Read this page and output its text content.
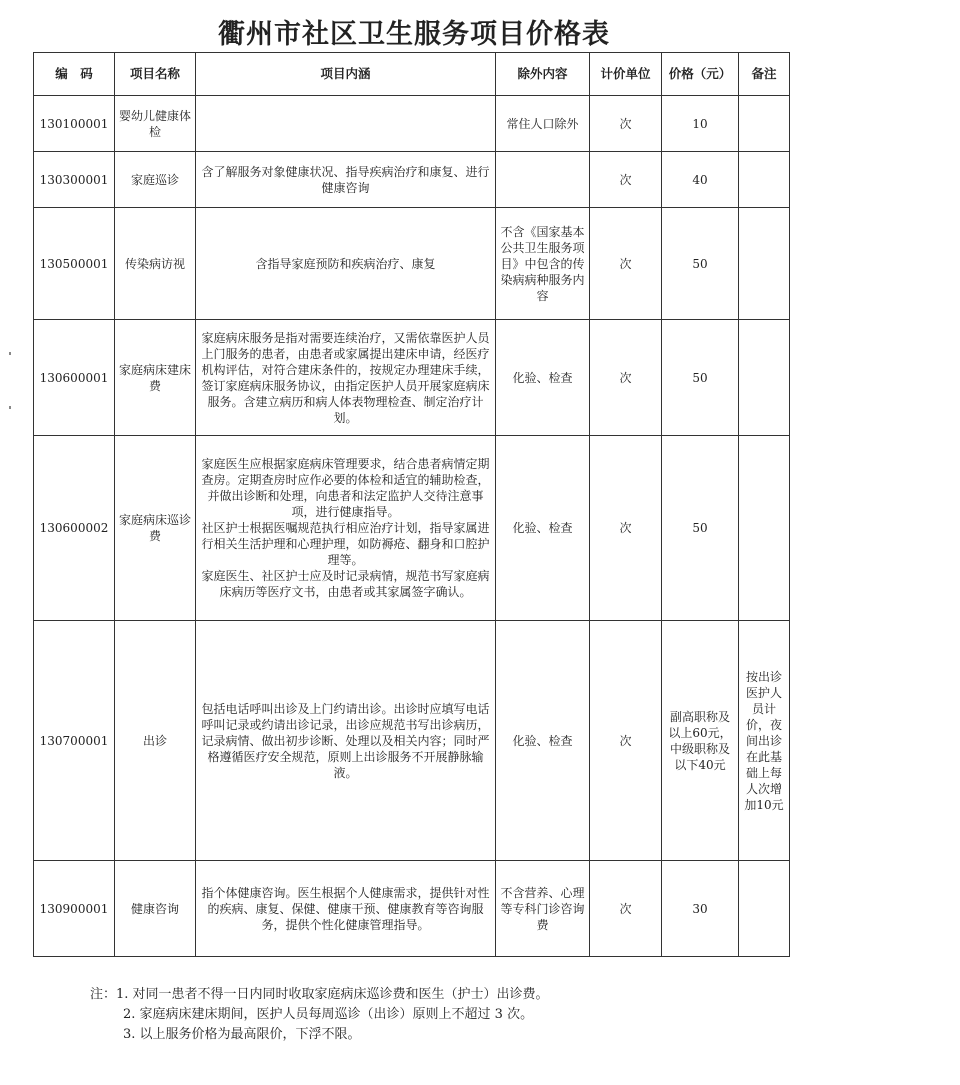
衢州市社区卫生服务项目价格表
编　码	项目名称	项目内涵	除外内容	计价单位	价格（元）	备注
130100001	婴幼儿健康体检		常住人口除外	次	10	
130300001	家庭巡诊	含了解服务对象健康状况、指导疾病治疗和康复、进行健康咨询		次	40	
130500001	传染病访视	含指导家庭预防和疾病治疗、康复	不含《国家基本公共卫生服务项目》中包含的传染病病种服务内容	次	50	
130600001	家庭病床建床费	家庭病床服务是指对需要连续治疗，又需依靠医护人员上门服务的患者，由患者或家属提出建床申请，经医疗机构评估，对符合建床条件的，按规定办理建床手续，签订家庭病床服务协议，由指定医护人员开展家庭病床服务。含建立病历和病人体表物理检查、制定治疗计划。	化验、检查	次	50	
130600002	家庭病床巡诊费	家庭医生应根据家庭病床管理要求，结合患者病情定期查房。定期查房时应作必要的体检和适宜的辅助检查，并做出诊断和处理，向患者和法定监护人交待注意事项，进行健康指导。
社区护士根据医嘱规范执行相应治疗计划，指导家属进行相关生活护理和心理护理，如防褥疮、翻身和口腔护理等。
家庭医生、社区护士应及时记录病情，规范书写家庭病床病历等医疗文书，由患者或其家属签字确认。	化验、检查	次	50	
130700001	出诊	包括电话呼叫出诊及上门约请出诊。出诊时应填写电话呼叫记录或约请出诊记录，出诊应规范书写出诊病历，记录病情、做出初步诊断、处理以及相关内容；同时严格遵循医疗安全规范，原则上出诊服务不开展静脉输液。	化验、检查	次	副高职称及以上60元，中级职称及以下40元	按出诊医护人员计价，夜间出诊在此基础上每人次增加10元
130900001	健康咨询	指个体健康咨询。医生根据个人健康需求，提供针对性的疾病、康复、保健、健康干预、健康教育等咨询服务，提供个性化健康管理指导。	不含营养、心理等专科门诊咨询费	次	30	
注：1. 对同一患者不得一日内同时收取家庭病床巡诊费和医生（护士）出诊费。
2. 家庭病床建床期间，医护人员每周巡诊（出诊）原则上不超过 3 次。
3. 以上服务价格为最高限价，下浮不限。
